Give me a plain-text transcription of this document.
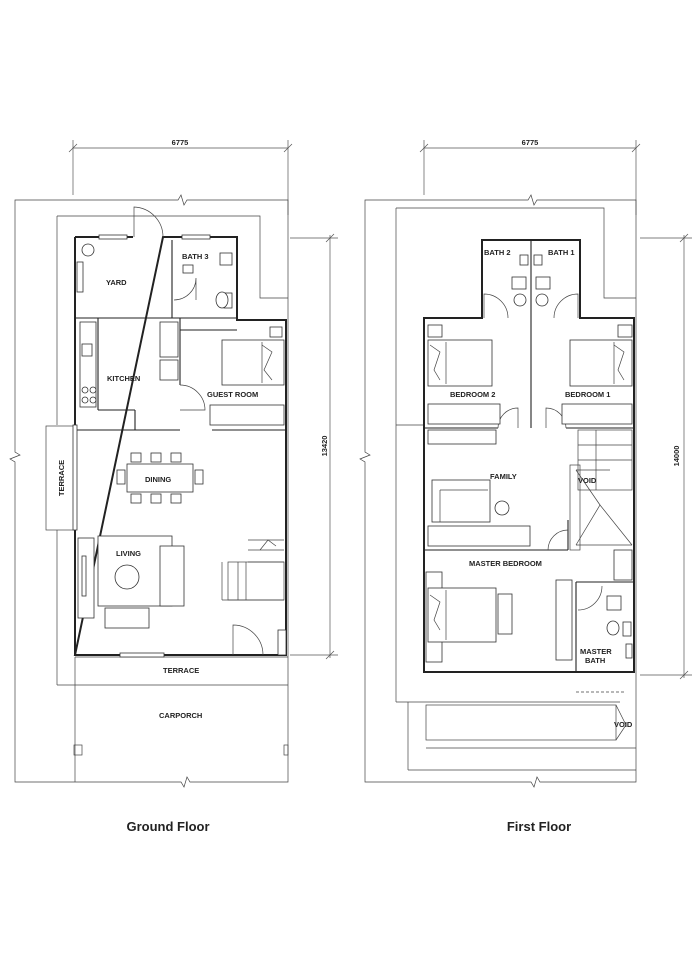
6775
13420
YARD
BATH 3
KITCHEN
GUEST ROOM
DINING
TERRACE
LIVING
TERRACE
CARPORCH
Ground Floor
6775
14000
BATH 2	BATH 1
BEDROOM 2	BEDROOM 1
FAMILY	VOID
MASTER BEDROOM
MASTER
BATH
VOID
First Floor
